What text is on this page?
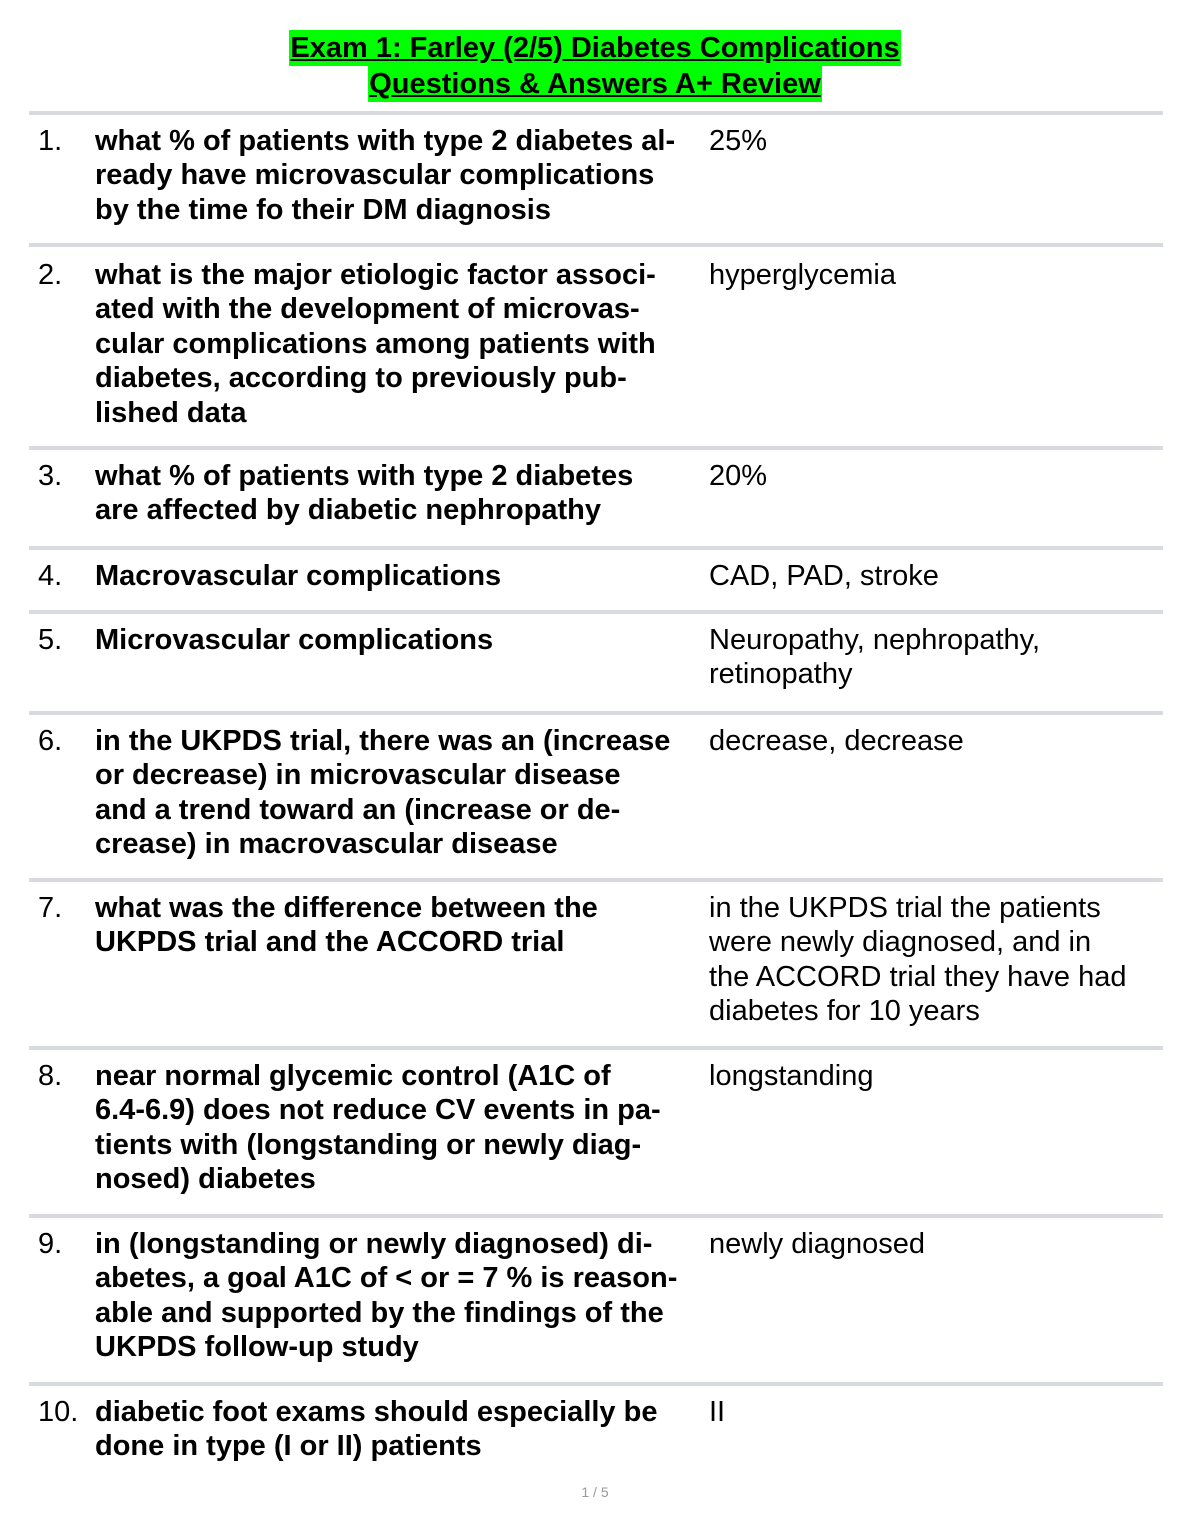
Exam 1: Farley (2/5) Diabetes Complications
Questions & Answers A+ Review
1. what % of patients with type 2 diabetes al-
ready have microvascular complications
by the time fo their DM diagnosis
25%
2. what is the major etiologic factor associ-
ated with the development of microvas-
cular complications among patients with
diabetes, according to previously pub-
lished data
hyperglycemia
3. what % of patients with type 2 diabetes
are affected by diabetic nephropathy
20%
4. Macrovascular complications	CAD, PAD, stroke
5. Microvascular complications	Neuropathy, nephropathy,
retinopathy
6. in the UKPDS trial, there was an (increase
or decrease) in microvascular disease
and a trend toward an (increase or de-
crease) in macrovascular disease
decrease, decrease
7. what was the difference between the
UKPDS trial and the ACCORD trial
in the UKPDS trial the patients
were newly diagnosed, and in
the ACCORD trial they have had
diabetes for 10 years
8. near normal glycemic control (A1C of
6.4-6.9) does not reduce CV events in pa-
tients with (longstanding or newly diag-
nosed) diabetes
longstanding
9. in (longstanding or newly diagnosed) di-
abetes, a goal A1C of < or = 7 % is reason-
able and supported by the findings of the
UKPDS follow-up study
newly diagnosed
10. diabetic foot exams should especially be
done in type (I or II) patients
II
1 / 5
